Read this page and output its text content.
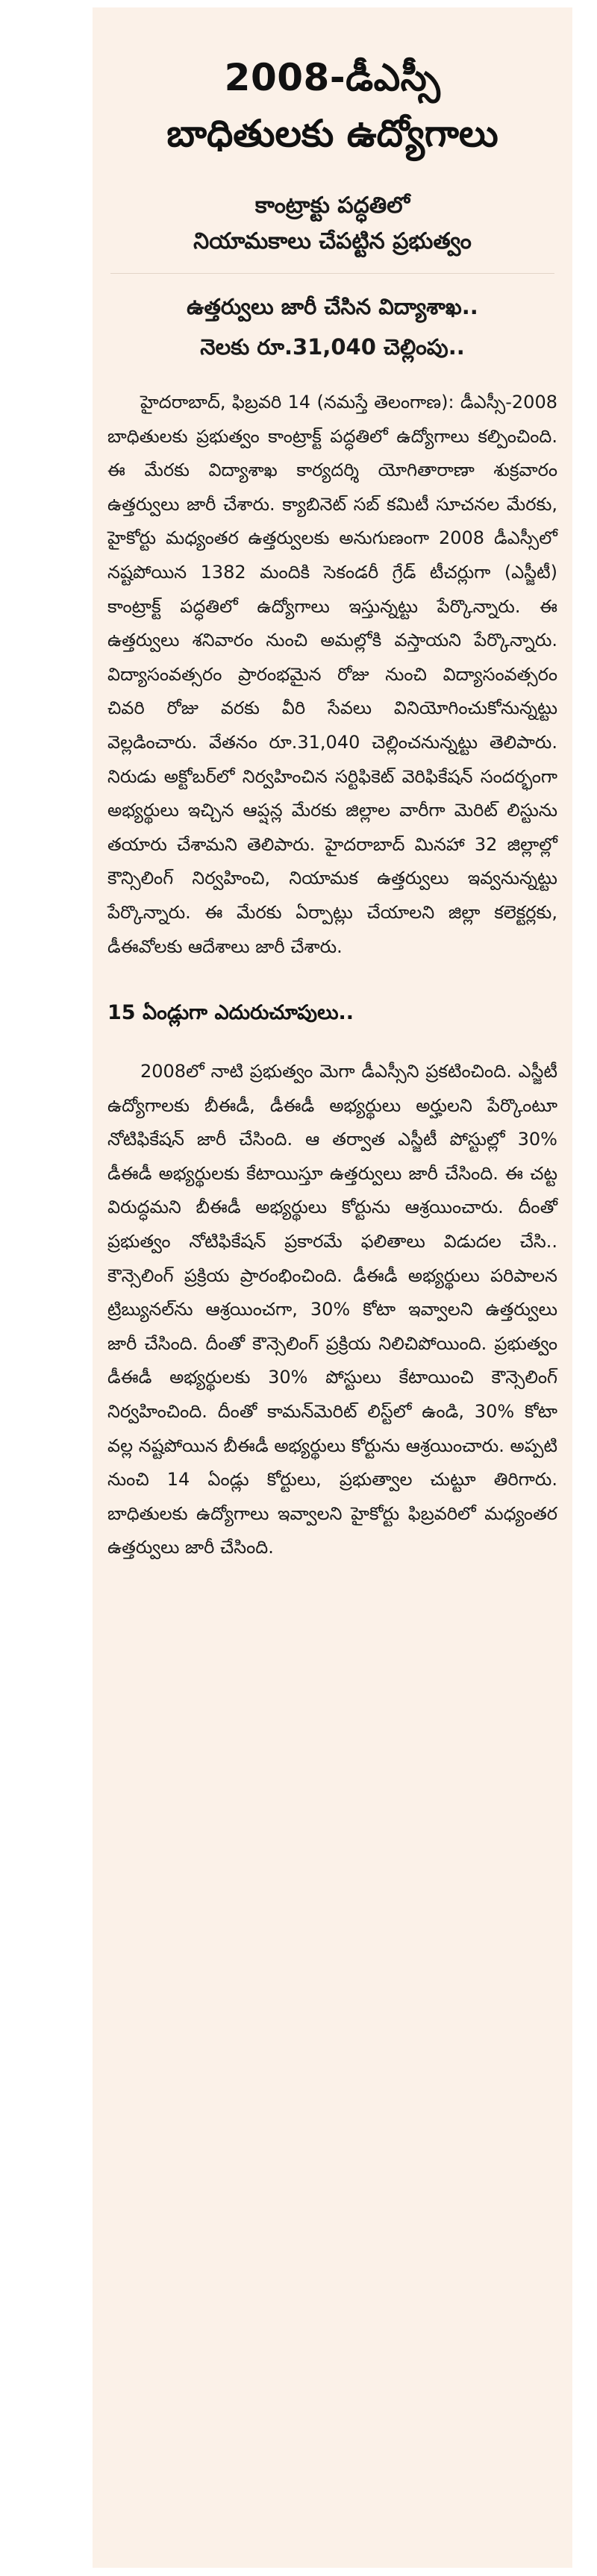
2008-డీఎస్సీ
బాధితులకు ఉద్యోగాలు
కాంట్రాక్టు పద్ధతిలో
నియామకాలు చేపట్టిన ప్రభుత్వం
ఉత్తర్వులు జారీ చేసిన విద్యాశాఖ..
నెలకు రూ.31,040 చెల్లింపు..

హైదరాబాద్, ఫిబ్రవరి 14 (నమస్తే తెలంగాణ): డీఎస్సీ-2008 బాధితులకు ప్రభుత్వం కాంట్రాక్ట్ పద్ధతిలో ఉద్యోగాలు కల్పించింది. ఈ మేరకు విద్యాశాఖ కార్యదర్శి యోగితారాణా శుక్రవారం ఉత్తర్వులు జారీ చేశారు. క్యాబినెట్ సబ్ కమిటీ సూచనల మేరకు, హైకోర్టు మధ్యంతర ఉత్తర్వులకు అనుగుణంగా 2008 డీఎస్సీలో నష్టపోయిన 1382 మందికి సెకండరీ గ్రేడ్ టీచర్లుగా (ఎస్జీటీ) కాంట్రాక్ట్ పద్ధతిలో ఉద్యోగాలు ఇస్తున్నట్టు పేర్కొన్నారు. ఈ ఉత్తర్వులు శనివారం నుంచి అమల్లోకి వస్తాయని పేర్కొన్నారు. విద్యాసంవత్సరం ప్రారంభమైన రోజు నుంచి విద్యాసంవత్సరం చివరి రోజు వరకు వీరి సేవలు వినియోగించుకోనున్నట్టు వెల్లడించారు. వేతనం రూ.31,040 చెల్లించనున్నట్టు తెలిపారు. నిరుడు అక్టోబర్‌లో నిర్వహించిన సర్టిఫికెట్ వెరిఫికేషన్ సందర్భంగా అభ్యర్థులు ఇచ్చిన ఆప్షన్ల మేరకు జిల్లాల వారీగా మెరిట్ లిస్టును తయారు చేశామని తెలిపారు. హైదరాబాద్ మినహా 32 జిల్లాల్లో కౌన్సిలింగ్ నిర్వహించి, నియామక ఉత్తర్వులు ఇవ్వనున్నట్టు పేర్కొన్నారు. ఈ మేరకు ఏర్పాట్లు చేయాలని జిల్లా కలెక్టర్లకు, డీఈవోలకు ఆదేశాలు జారీ చేశారు.

15 ఏండ్లుగా ఎదురుచూపులు..

2008లో నాటి ప్రభుత్వం మెగా డీఎస్సీని ప్రకటించింది. ఎస్జీటీ ఉద్యోగాలకు బీఈడీ, డీఈడీ అభ్యర్థులు అర్హులని పేర్కొంటూ నోటిఫికేషన్ జారీ చేసింది. ఆ తర్వాత ఎస్జీటీ పోస్టుల్లో 30% డీఈడీ అభ్యర్థులకు కేటాయిస్తూ ఉత్తర్వులు జారీ చేసింది. ఈ చట్ట విరుద్ధమని బీఈడీ అభ్యర్థులు కోర్టును ఆశ్రయించారు. దీంతో ప్రభుత్వం నోటిఫికేషన్ ప్రకారమే ఫలితాలు విడుదల చేసి.. కౌన్సెలింగ్ ప్రక్రియ ప్రారంభించింది. డీఈడీ అభ్యర్థులు పరిపాలన ట్రిబ్యునల్‌ను ఆశ్రయించగా, 30% కోటా ఇవ్వాలని ఉత్తర్వులు జారీ చేసింది. దీంతో కౌన్సెలింగ్ ప్రక్రియ నిలిచిపోయింది. ప్రభుత్వం డీఈడీ అభ్యర్థులకు 30% పోస్టులు కేటాయించి కౌన్సెలింగ్ నిర్వహించింది. దీంతో కామన్‌మెరిట్ లిస్ట్‌లో ఉండి, 30% కోటా వల్ల నష్టపోయిన బీఈడీ అభ్యర్థులు కోర్టును ఆశ్రయించారు. అప్పటి నుంచి 14 ఏండ్లు కోర్టులు, ప్రభుత్వాల చుట్టూ తిరిగారు. బాధితులకు ఉద్యోగాలు ఇవ్వాలని హైకోర్టు ఫిబ్రవరిలో మధ్యంతర ఉత్తర్వులు జారీ చేసింది.
